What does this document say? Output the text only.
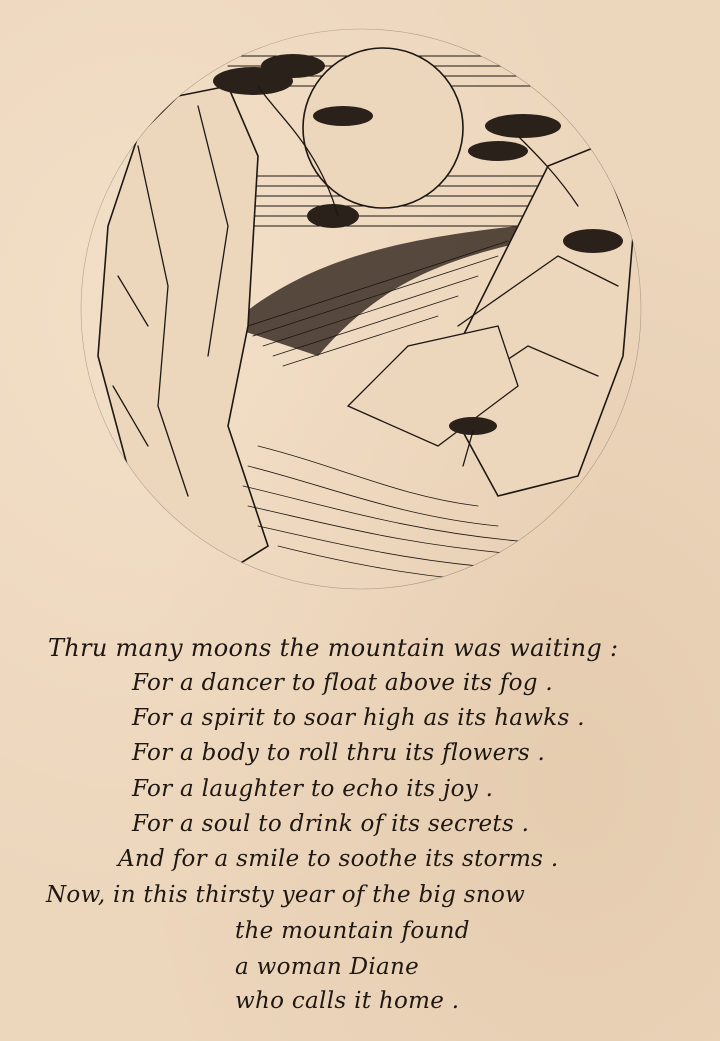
Thru many moons the mountain was waiting :
For a dancer to float above its fog .
For a spirit to soar high as its hawks .
For a body to roll thru its flowers .
For a laughter to echo its joy .
For a soul to drink of its secrets .
And for a smile to soothe its storms .
Now, in this thirsty year of the big snow
the mountain found
a woman Diane
who calls it home .
